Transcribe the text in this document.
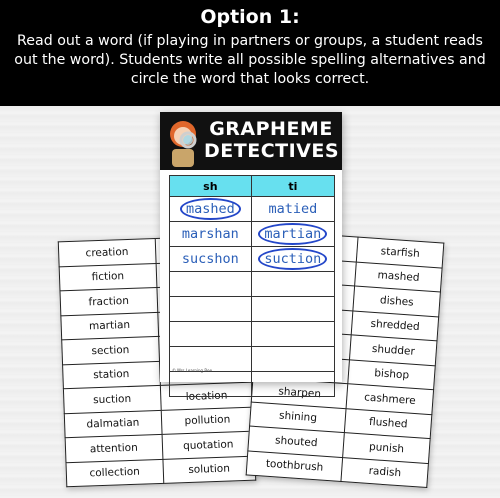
Option 1:

Read out a word (if playing in partners or groups, a student reads out the word). Students write all possible spelling alternatives and circle the word that looks correct.

creation	
fiction	
fraction	
martian	
section	
station	
suction	location
dalmatian	pollution
attention	quotation
collection	solution
	starfish
	mashed
	dishes
	shredded
	shudder
	bishop
sharpen	cashmere
shining	flushed
shouted	punish
toothbrush	radish
GRAPHEME
DETECTIVES
sh	ti
mashed	matied
marshan	martian
sucshon	suction

© Mrs Learning Bee
